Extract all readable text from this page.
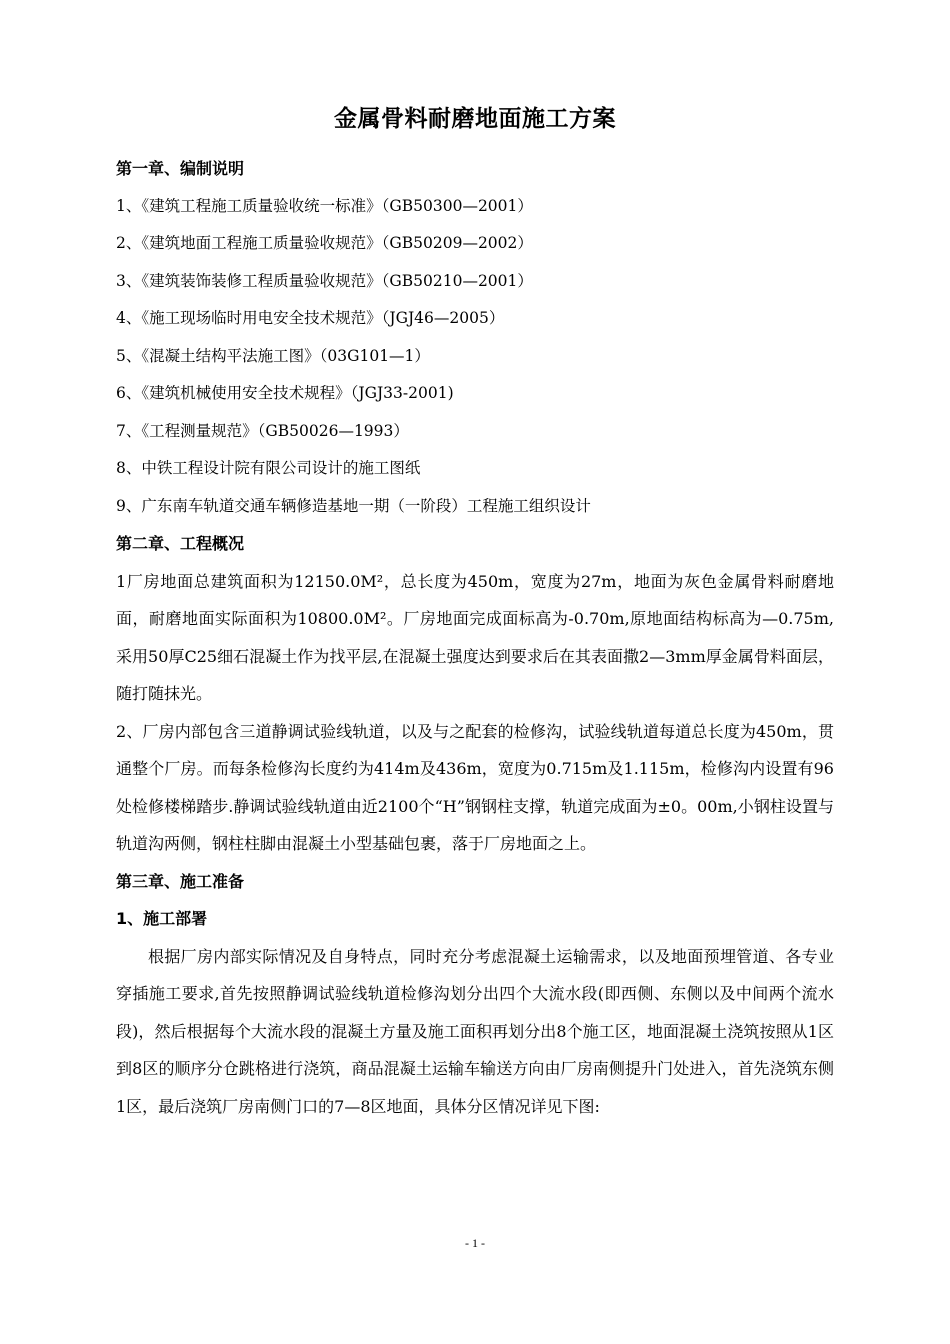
金属骨料耐磨地面施工方案

第一章、编制说明

1、《建筑工程施工质量验收统一标准》（GB50300—2001）

2、《建筑地面工程施工质量验收规范》（GB50209—2002）

3、《建筑装饰装修工程质量验收规范》（GB50210—2001）

4、《施工现场临时用电安全技术规范》（JGJ46—2005）

5、《混凝土结构平法施工图》（03G101—1）

6、《建筑机械使用安全技术规程》（JGJ33-2001)

7、《工程测量规范》（GB50026—1993）

8、中铁工程设计院有限公司设计的施工图纸

9、广东南车轨道交通车辆修造基地一期（一阶段）工程施工组织设计

第二章、工程概况

1厂房地面总建筑面积为12150.0M²，总长度为450m，宽度为27m，地面为灰色金属骨料耐磨地面，耐磨地面实际面积为10800.0M²。厂房地面完成面标高为-0.70m,原地面结构标高为—0.75m,采用50厚C25细石混凝土作为找平层,在混凝土强度达到要求后在其表面撒2—3mm厚金属骨料面层，随打随抹光。

2、厂房内部包含三道静调试验线轨道，以及与之配套的检修沟，试验线轨道每道总长度为450m，贯通整个厂房。而每条检修沟长度约为414m及436m，宽度为0.715m及1.115m，检修沟内设置有96处检修楼梯踏步.静调试验线轨道由近2100个“H”钢钢柱支撑，轨道完成面为±0。00m,小钢柱设置与轨道沟两侧，钢柱柱脚由混凝土小型基础包裹，落于厂房地面之上。

第三章、施工准备

1、施工部署

根据厂房内部实际情况及自身特点，同时充分考虑混凝土运输需求，以及地面预埋管道、各专业穿插施工要求,首先按照静调试验线轨道检修沟划分出四个大流水段(即西侧、东侧以及中间两个流水段)，然后根据每个大流水段的混凝土方量及施工面积再划分出8个施工区，地面混凝土浇筑按照从1区到8区的顺序分仓跳格进行浇筑，商品混凝土运输车输送方向由厂房南侧提升门处进入，首先浇筑东侧1区，最后浇筑厂房南侧门口的7—8区地面，具体分区情况详见下图:

- 1 -
